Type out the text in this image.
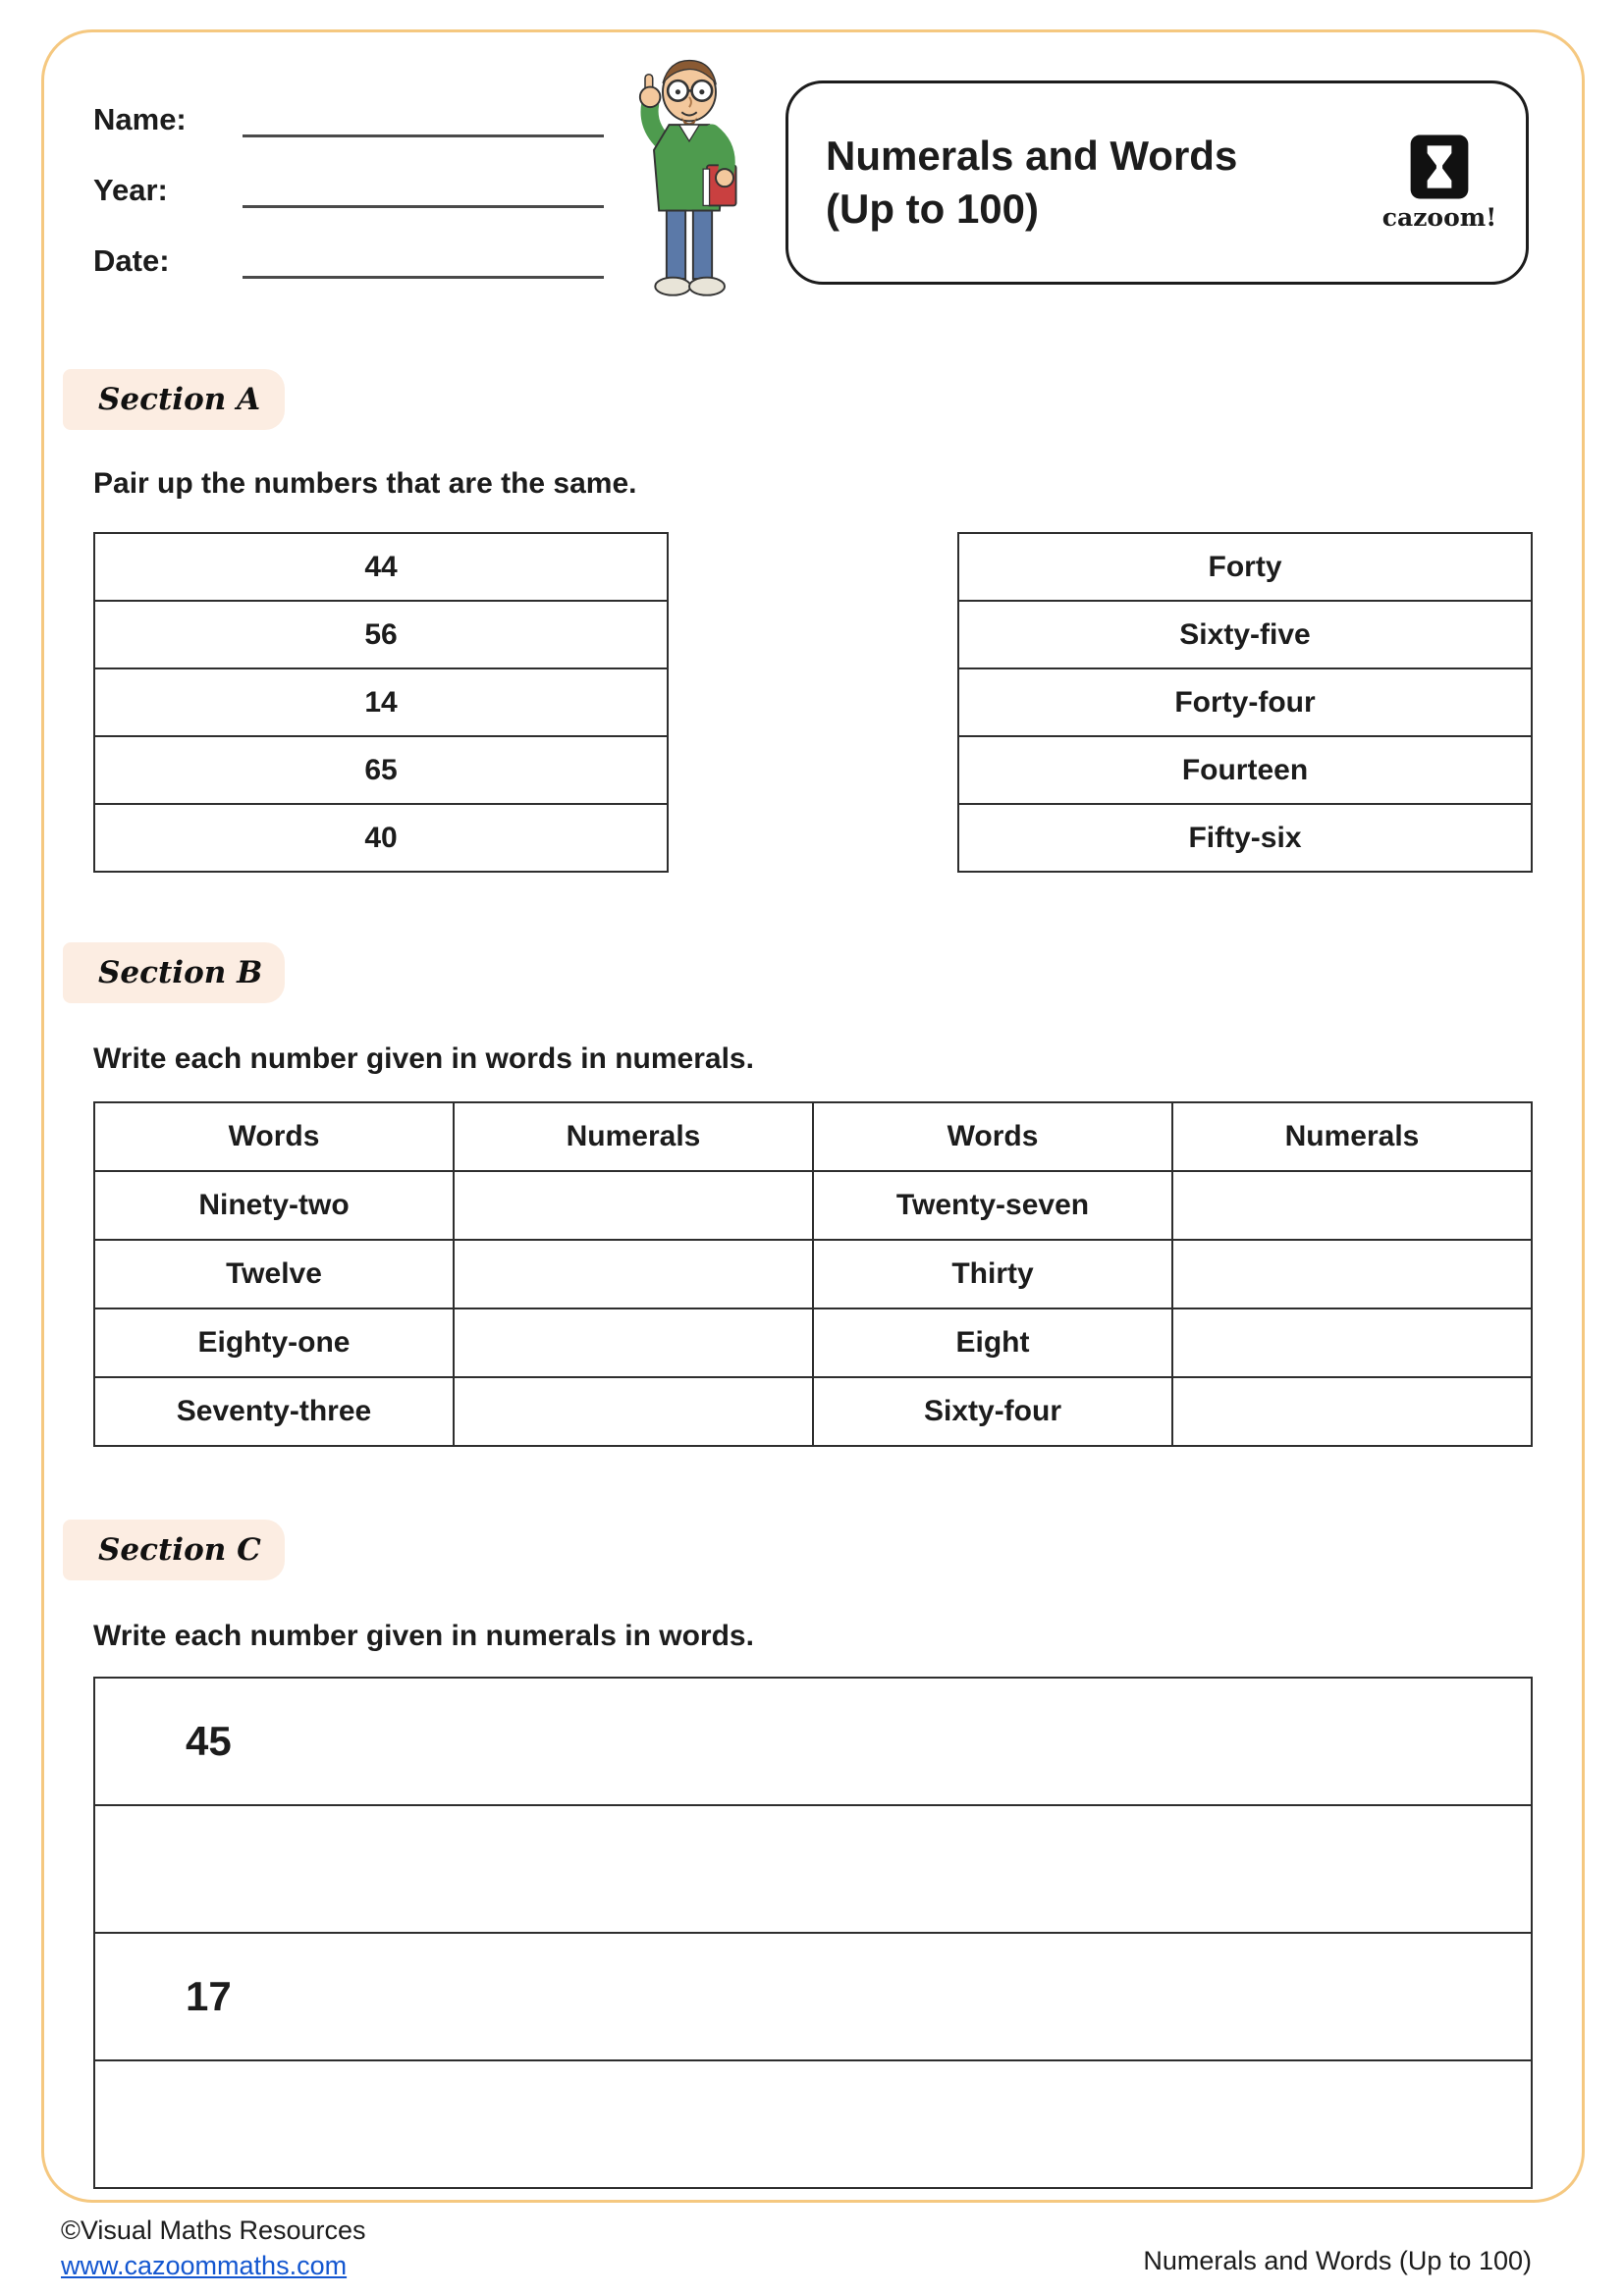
Name:
Year:
Date:
Numerals and Words
(Up to 100)	cazoom!
Section A
Pair up the numbers that are the same.
44
56
14
65
40
Forty
Sixty-five
Forty-four
Fourteen
Fifty-six
Section B
Write each number given in words in numerals.
Words	Numerals	Words	Numerals
Ninety-two		Twenty-seven	
Twelve		Thirty	
Eighty-one		Eight	
Seventy-three		Sixty-four	
Section C
Write each number given in numerals in words.
45

17

©Visual Maths Resources
www.cazoommaths.com	Numerals and Words (Up to 100)
